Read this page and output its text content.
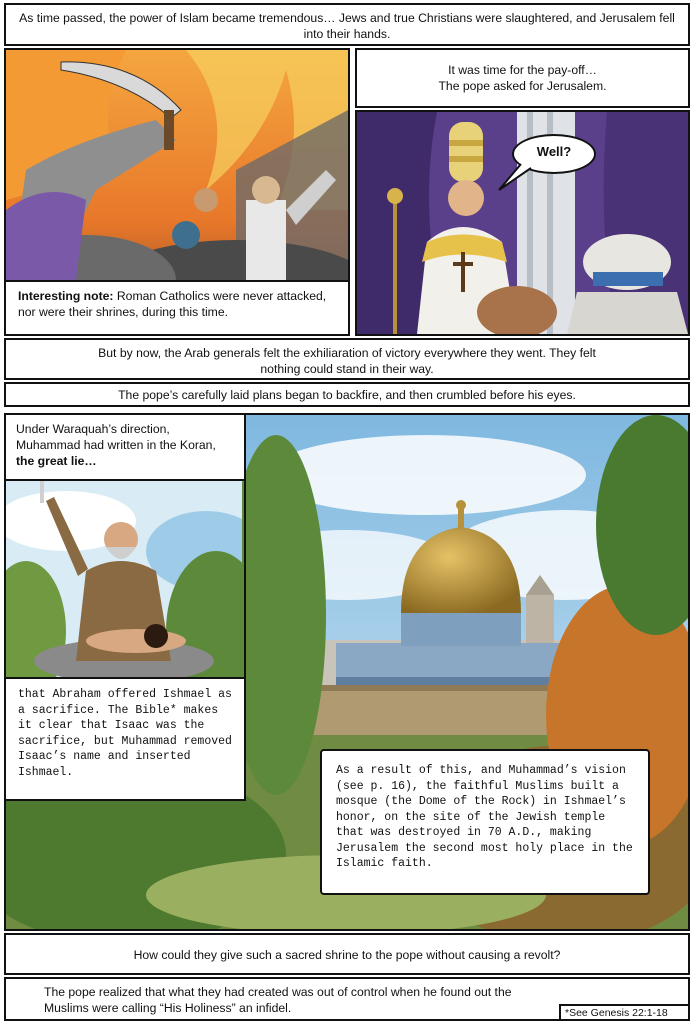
As time passed, the power of Islam became tremendous… Jews and true Christians were slaughtered, and Jerusalem fell into their hands.
Interesting note: Roman Catholics were never attacked, nor were their shrines, during this time.
It was time for the pay-off…
The pope asked for Jerusalem.
Well?
But by now, the Arab generals felt the exhiliaration of victory everywhere they went. They felt nothing could stand in their way.
The pope’s carefully laid plans began to backfire, and then crumbled before his eyes.
Under Waraquah’s direction, Muhammad had written in the Koran, the great lie…
that Abraham offered Ishmael as a sacrifice. The Bible* makes it clear that Isaac was the sacrifice, but Muhammad removed Isaac’s name and inserted Ishmael.	As a result of this, and Muhammad’s vision (see p. 16), the faithful Muslims built a mosque (the Dome of the Rock) in Ishmael’s honor, on the site of the Jewish temple that was destroyed in 70 A.D., making Jerusalem the second most holy place in the Islamic faith.
How could they give such a sacred shrine to the pope without causing a revolt?
The pope realized that what they had created was out of control when he found out the Muslims were calling “His Holiness” an infidel.	*See Genesis 22:1-18
